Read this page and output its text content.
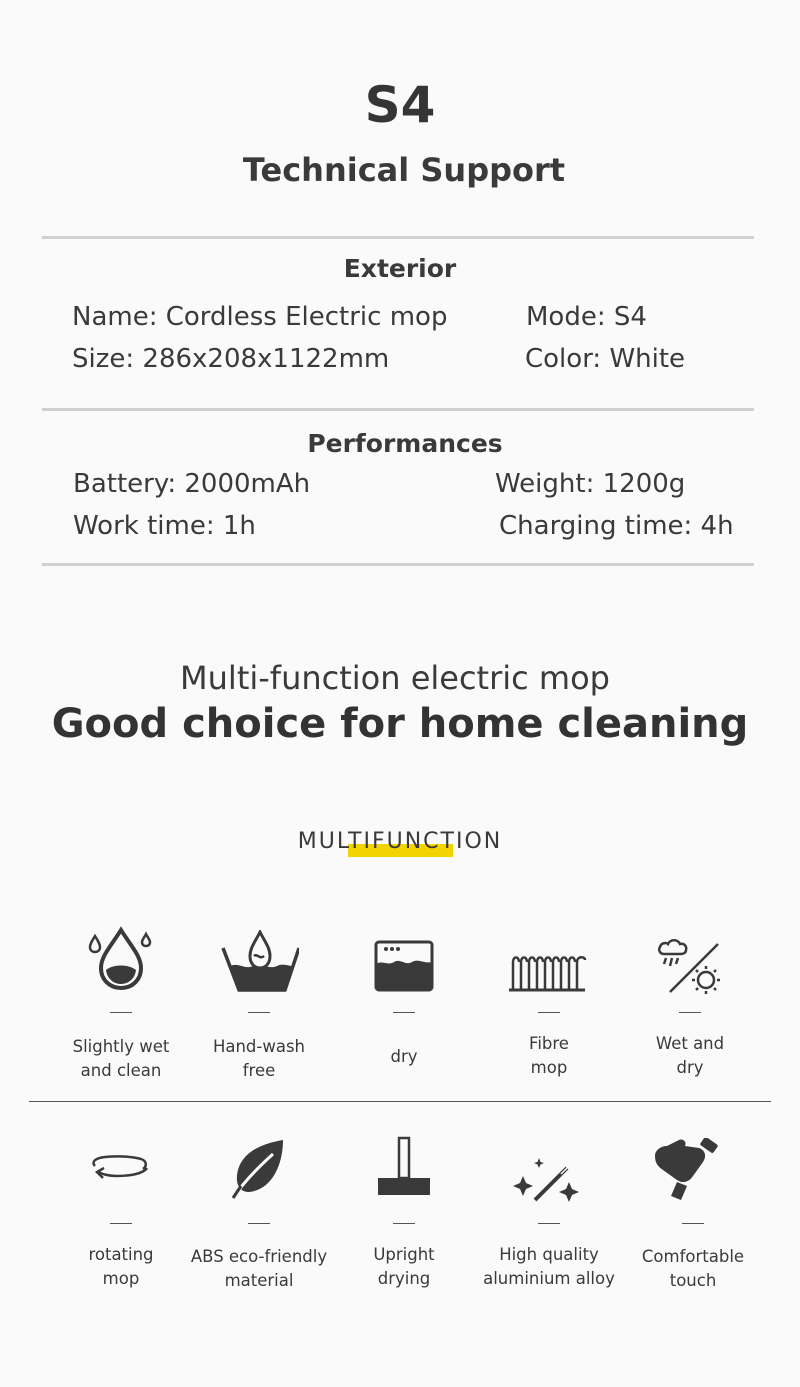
S4
Technical Support
Exterior
Name: Cordless Electric mop	Mode: S4
Size: 286x208x1122mm	Color: White
Performances
Battery: 2000mAh	Weight: 1200g
Work time: 1h	Charging time: 4h
Multi-function electric mop
Good choice for home cleaning
MULTIFUNCTION
Slightly wet
and clean
Hand-wash
free
dry
Fibre
mop
Wet and
dry
rotating
mop
ABS eco-friendly
material
Upright
drying
High quality
aluminium alloy
Comfortable
touch
